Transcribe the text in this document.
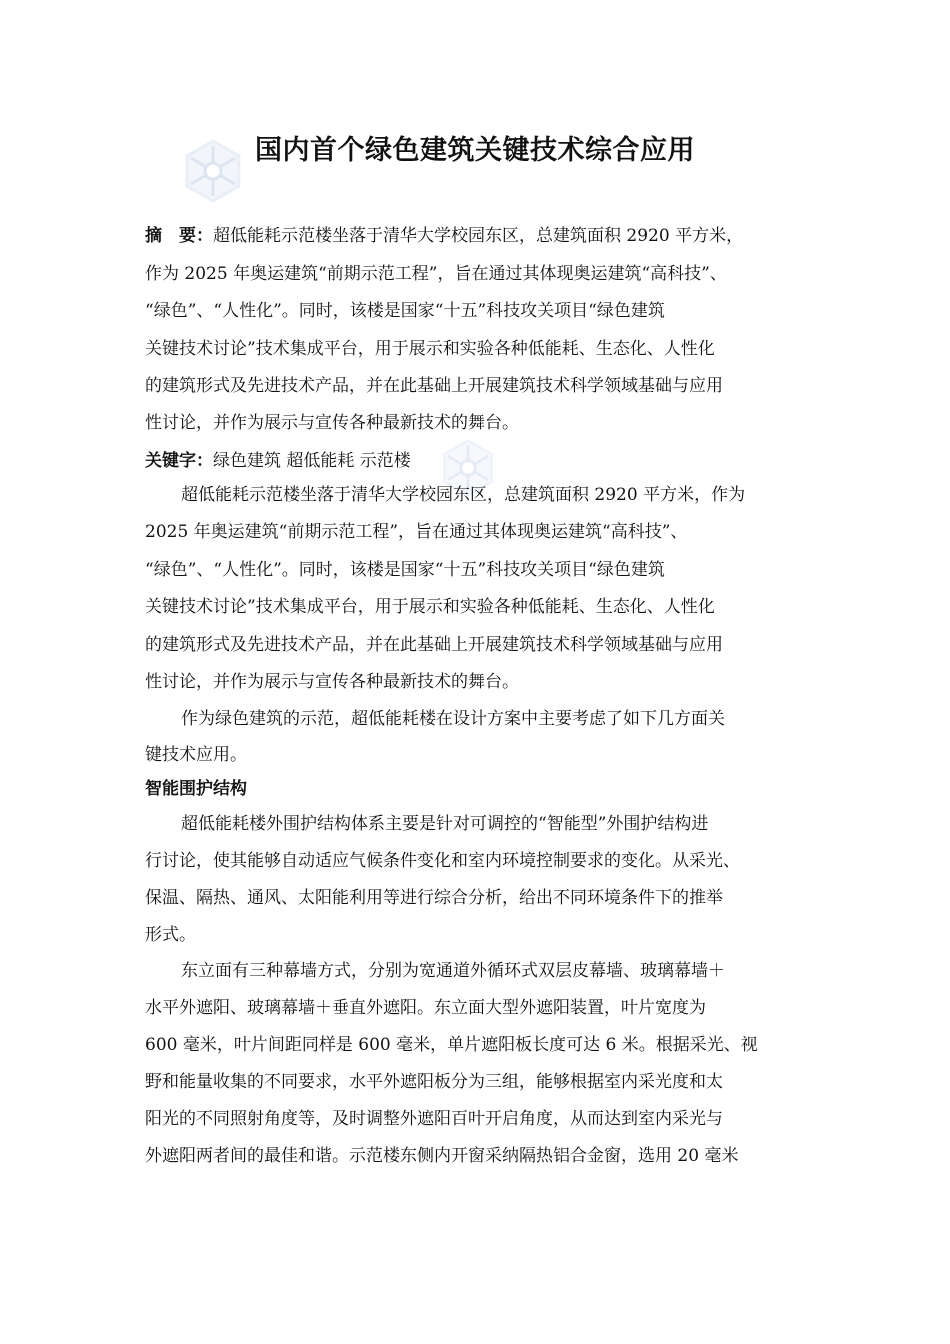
国内首个绿色建筑关键技术综合应用
摘　要：超低能耗示范楼坐落于清华大学校园东区，总建筑面积 2920 平方米，
作为 2025 年奥运建筑“前期示范工程”，旨在通过其体现奥运建筑“高科技”、
“绿色”、“人性化”。同时，该楼是国家“十五”科技攻关项目“绿色建筑
关键技术讨论”技术集成平台，用于展示和实验各种低能耗、生态化、人性化
的建筑形式及先进技术产品，并在此基础上开展建筑技术科学领域基础与应用
性讨论，并作为展示与宣传各种最新技术的舞台。
关键字：绿色建筑 超低能耗 示范楼
超低能耗示范楼坐落于清华大学校园东区，总建筑面积 2920 平方米，作为
2025 年奥运建筑“前期示范工程”，旨在通过其体现奥运建筑“高科技”、
“绿色”、“人性化”。同时，该楼是国家“十五”科技攻关项目“绿色建筑
关键技术讨论”技术集成平台，用于展示和实验各种低能耗、生态化、人性化
的建筑形式及先进技术产品，并在此基础上开展建筑技术科学领域基础与应用
性讨论，并作为展示与宣传各种最新技术的舞台。
作为绿色建筑的示范，超低能耗楼在设计方案中主要考虑了如下几方面关
键技术应用。
智能围护结构
超低能耗楼外围护结构体系主要是针对可调控的“智能型”外围护结构进
行讨论，使其能够自动适应气候条件变化和室内环境控制要求的变化。从采光、
保温、隔热、通风、太阳能利用等进行综合分析，给出不同环境条件下的推举
形式。
东立面有三种幕墙方式，分别为宽通道外循环式双层皮幕墙、玻璃幕墙＋
水平外遮阳、玻璃幕墙＋垂直外遮阳。东立面大型外遮阳装置，叶片宽度为
600 毫米，叶片间距同样是 600 毫米，单片遮阳板长度可达 6 米。根据采光、视
野和能量收集的不同要求，水平外遮阳板分为三组，能够根据室内采光度和太
阳光的不同照射角度等，及时调整外遮阳百叶开启角度，从而达到室内采光与
外遮阳两者间的最佳和谐。示范楼东侧内开窗采纳隔热铝合金窗，选用 20 毫米
